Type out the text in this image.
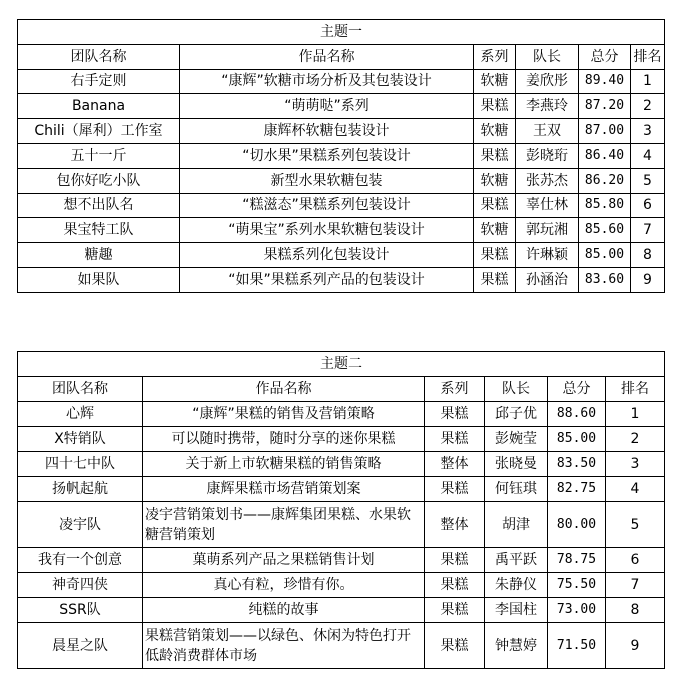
主题一					
团队名称	作品名称	系列	队长	总分	排名
右手定则	“康辉”软糖市场分析及其包装设计	软糖	姜欣彤	89.40	1
Banana	“萌萌哒”系列	果糕	李燕玲	87.20	2
Chili（犀利）工作室	康辉杯软糖包装设计	软糖	王双	87.00	3
五十一斤	“切水果”果糕系列包装设计	果糕	彭晓珩	86.40	4
包你好吃小队	新型水果软糖包装	软糖	张苏杰	86.20	5
想不出队名	“糕滋态”果糕系列包装设计	果糕	辜仕林	85.80	6
果宝特工队	“萌果宝”系列水果软糖包装设计	软糖	郭玩湘	85.60	7
糖趣	果糕系列化包装设计	果糕	许琳颖	85.00	8
如果队	“如果”果糕系列产品的包装设计	果糕	孙涵治	83.60	9
主题二					
团队名称	作品名称	系列	队长	总分	排名
心辉	“康辉”果糕的销售及营销策略	果糕	邱子优	88.60	1
X特销队	可以随时携带，随时分享的迷你果糕	果糕	彭婉莹	85.00	2
四十七中队	关于新上市软糖果糕的销售策略	整体	张晓曼	83.50	3
扬帆起航	康辉果糕市场营销策划案	果糕	何钰琪	82.75	4
凌宇队	凌宇营销策划书——康辉集团果糕、水果软糖营销策划	整体	胡津	80.00	5
我有一个创意	菓萌系列产品之果糕销售计划	果糕	禹平跃	78.75	6
神奇四侠	真心有粒，珍惜有你。	果糕	朱静仪	75.50	7
SSR队	纯糕的故事	果糕	李国柱	73.00	8
晨星之队	果糕营销策划——以绿色、休闲为特色打开低龄消费群体市场	果糕	钟慧婷	71.50	9
